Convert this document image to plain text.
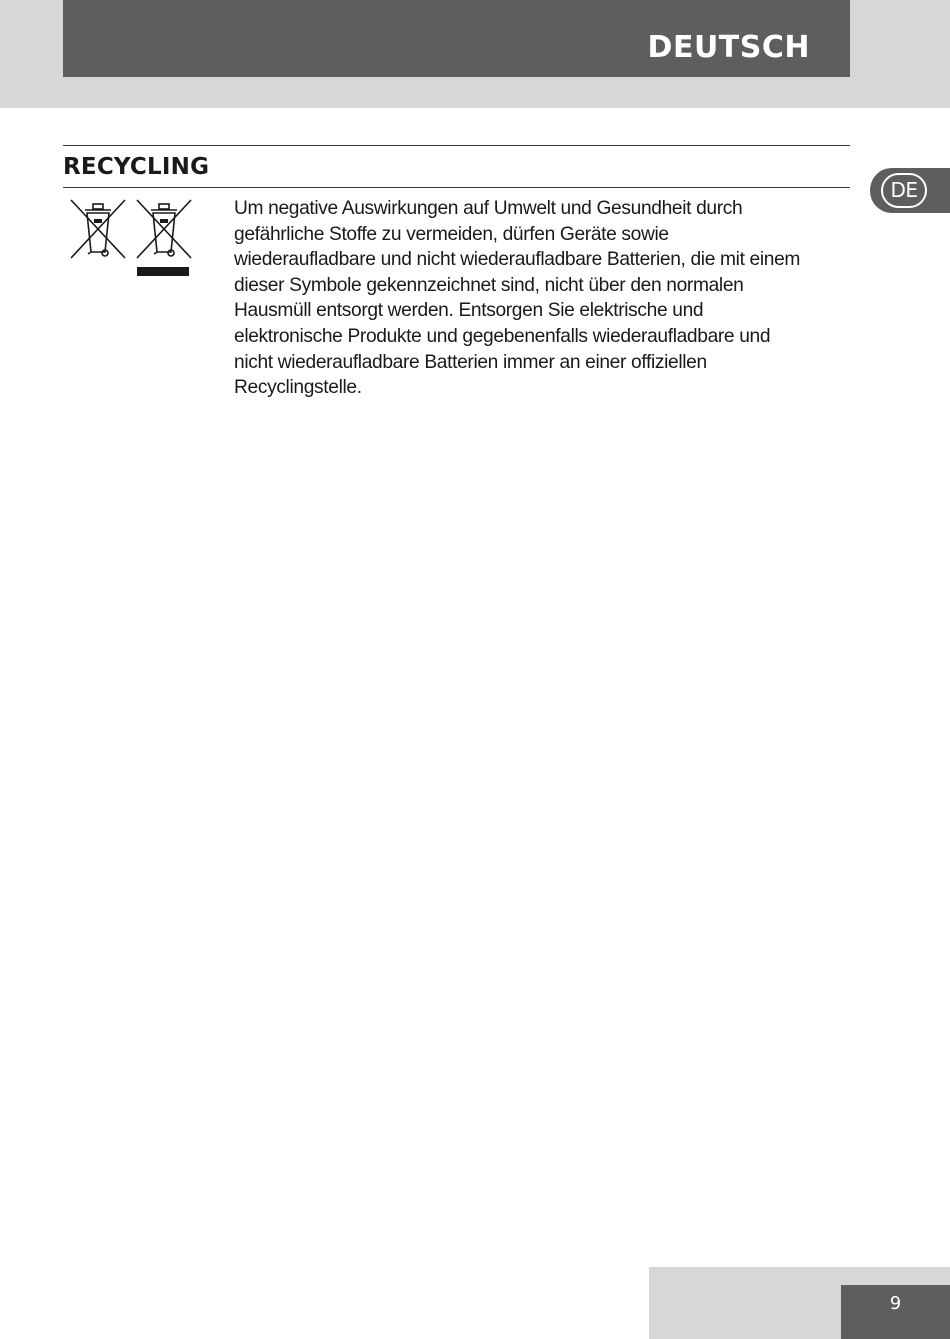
DEUTSCH
RECYCLING
Um negative Auswirkungen auf Umwelt und Gesundheit durch
gefährliche Stoffe zu vermeiden, dürfen Geräte sowie
wiederaufladbare und nicht wiederaufladbare Batterien, die mit einem
dieser Symbole gekennzeichnet sind, nicht über den normalen
Hausmüll entsorgt werden. Entsorgen Sie elektrische und
elektronische Produkte und gegebenenfalls wiederaufladbare und
nicht wiederaufladbare Batterien immer an einer offiziellen
Recyclingstelle.
DE
9
